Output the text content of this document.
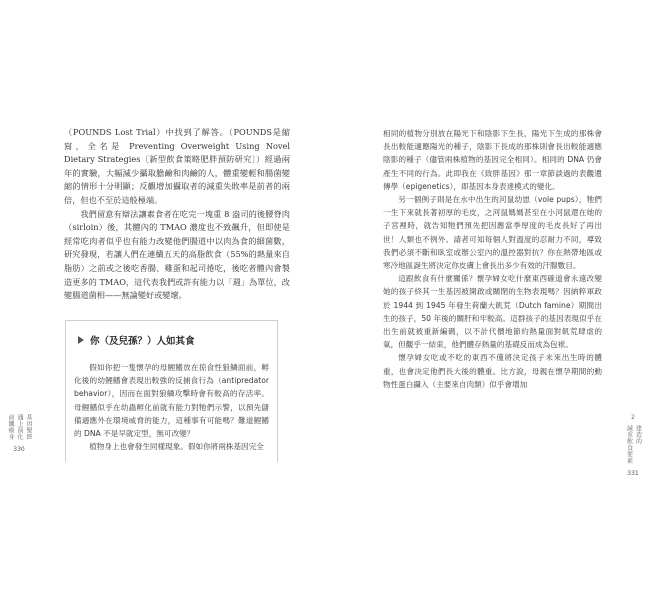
（POUNDS Lost Trial）中找到了解答。（POUNDS是縮寫，全名是 Preventing Overweight Using Novel Dietary Strategies〔新型飲食策略肥胖預防研究〕）經過兩年的實驗，大幅減少攝取膽鹼和肉鹼的人，體重變輕和腸菌變縮的情形十分明顯；反觀增加攝取者的減重失敗率是前者的兩倍，但也不至於這般極端。

我們留意有辯法讓素食者在吃完一塊重 8 盎司的後腰脊肉（sirloin）後，其體內的 TMAO 濃度也不致飆升，但即使是經常吃肉者似乎也有能力改變他們腸道中以肉為食的細菌數，研究發現，若讓人們在連續五天的高脂飲食（55%的熱量來自脂肪）之前或之後吃香腸、雞蛋和起司捲吃，後吃者體內會製造更多的 TMAO，這代表我們或許有能力以「週」為單位，改變腸道菌相——無論變好或變壞。

你（及兒孫？）人如其食

假如你把一隻懷孕的母鯉鰭放在掠食性狼鱗面前，孵化後的幼鯉鰭會表現出較強的反捕食行為（antipredator behavior），因而在面對狼鱗攻擊時會有較高的存活率。母鯉鰭似乎在幼蟲孵化前就有能力對牠們示警，以預先儲備適應外在環境威脅的能力，這種事有可能嗎？難道鯉鰭的 DNA 不是早就定型，無可改變？

植物身上也會發生同樣現象。假如你將兩株基因完全

基因聖經
遇上演化
前饑療身
330

相同的植物分別放在陽光下和陰影下生長，陽光下生成的那株會長出較能適應陽光的種子，陰影下長成的那株則會長出較能適應陰影的種子（儘管兩株植物的基因完全相同）。相同的 DNA 仍會產生不同的行為。此即我在《致胖基因》那一章節談過的表觀遺傳學（epigenetics），即基因本身表達模式的變化。

另一個例子則是在水中出生的河鼠幼崽（vole pups），牠們一生下來就長著初厚的毛皮，之河鼠媽媽甚至在小河鼠還在她的子宮裡時，就告知牠們預先把因應當季厚度的毛皮長好了再出世！人類也不例外。請者可知每個人對溫度的忍耐力不同，導致我們必須不斷和臥室或辦公室內的溫控器對抗？你在熱帶地區或寒冷地區誕生將決定你皮膚上會長出多少有效的汗腺數目。

這跟飲食有什麼關係？懷孕婦女吃什麼東西確道會永遠改變她的孩子終其一生基因被開啟或關閉的生物表現嗎？因納粹軍政於 1944 到 1945 年發生荷蘭大飢荒（Dutch famine）期間出生的孩子，50 年後的關肝和牢較高。這群孩子的基因表現似乎在出生前就被重新編碼，以不計代價地節約熱量面對飢荒肆虐的氣，但觀乎一結束，他們體存熱量的基礎反而成為包袱。

懷孕婦女吃或不吃的東西不僅將決定孩子未來出生時的體重，也會決定他們長大後的體重。比方說，母親在懷孕期間的動物性蛋白攝入（主要來自肉類）似乎會增加

2
建造的
減重飲食要素
331
